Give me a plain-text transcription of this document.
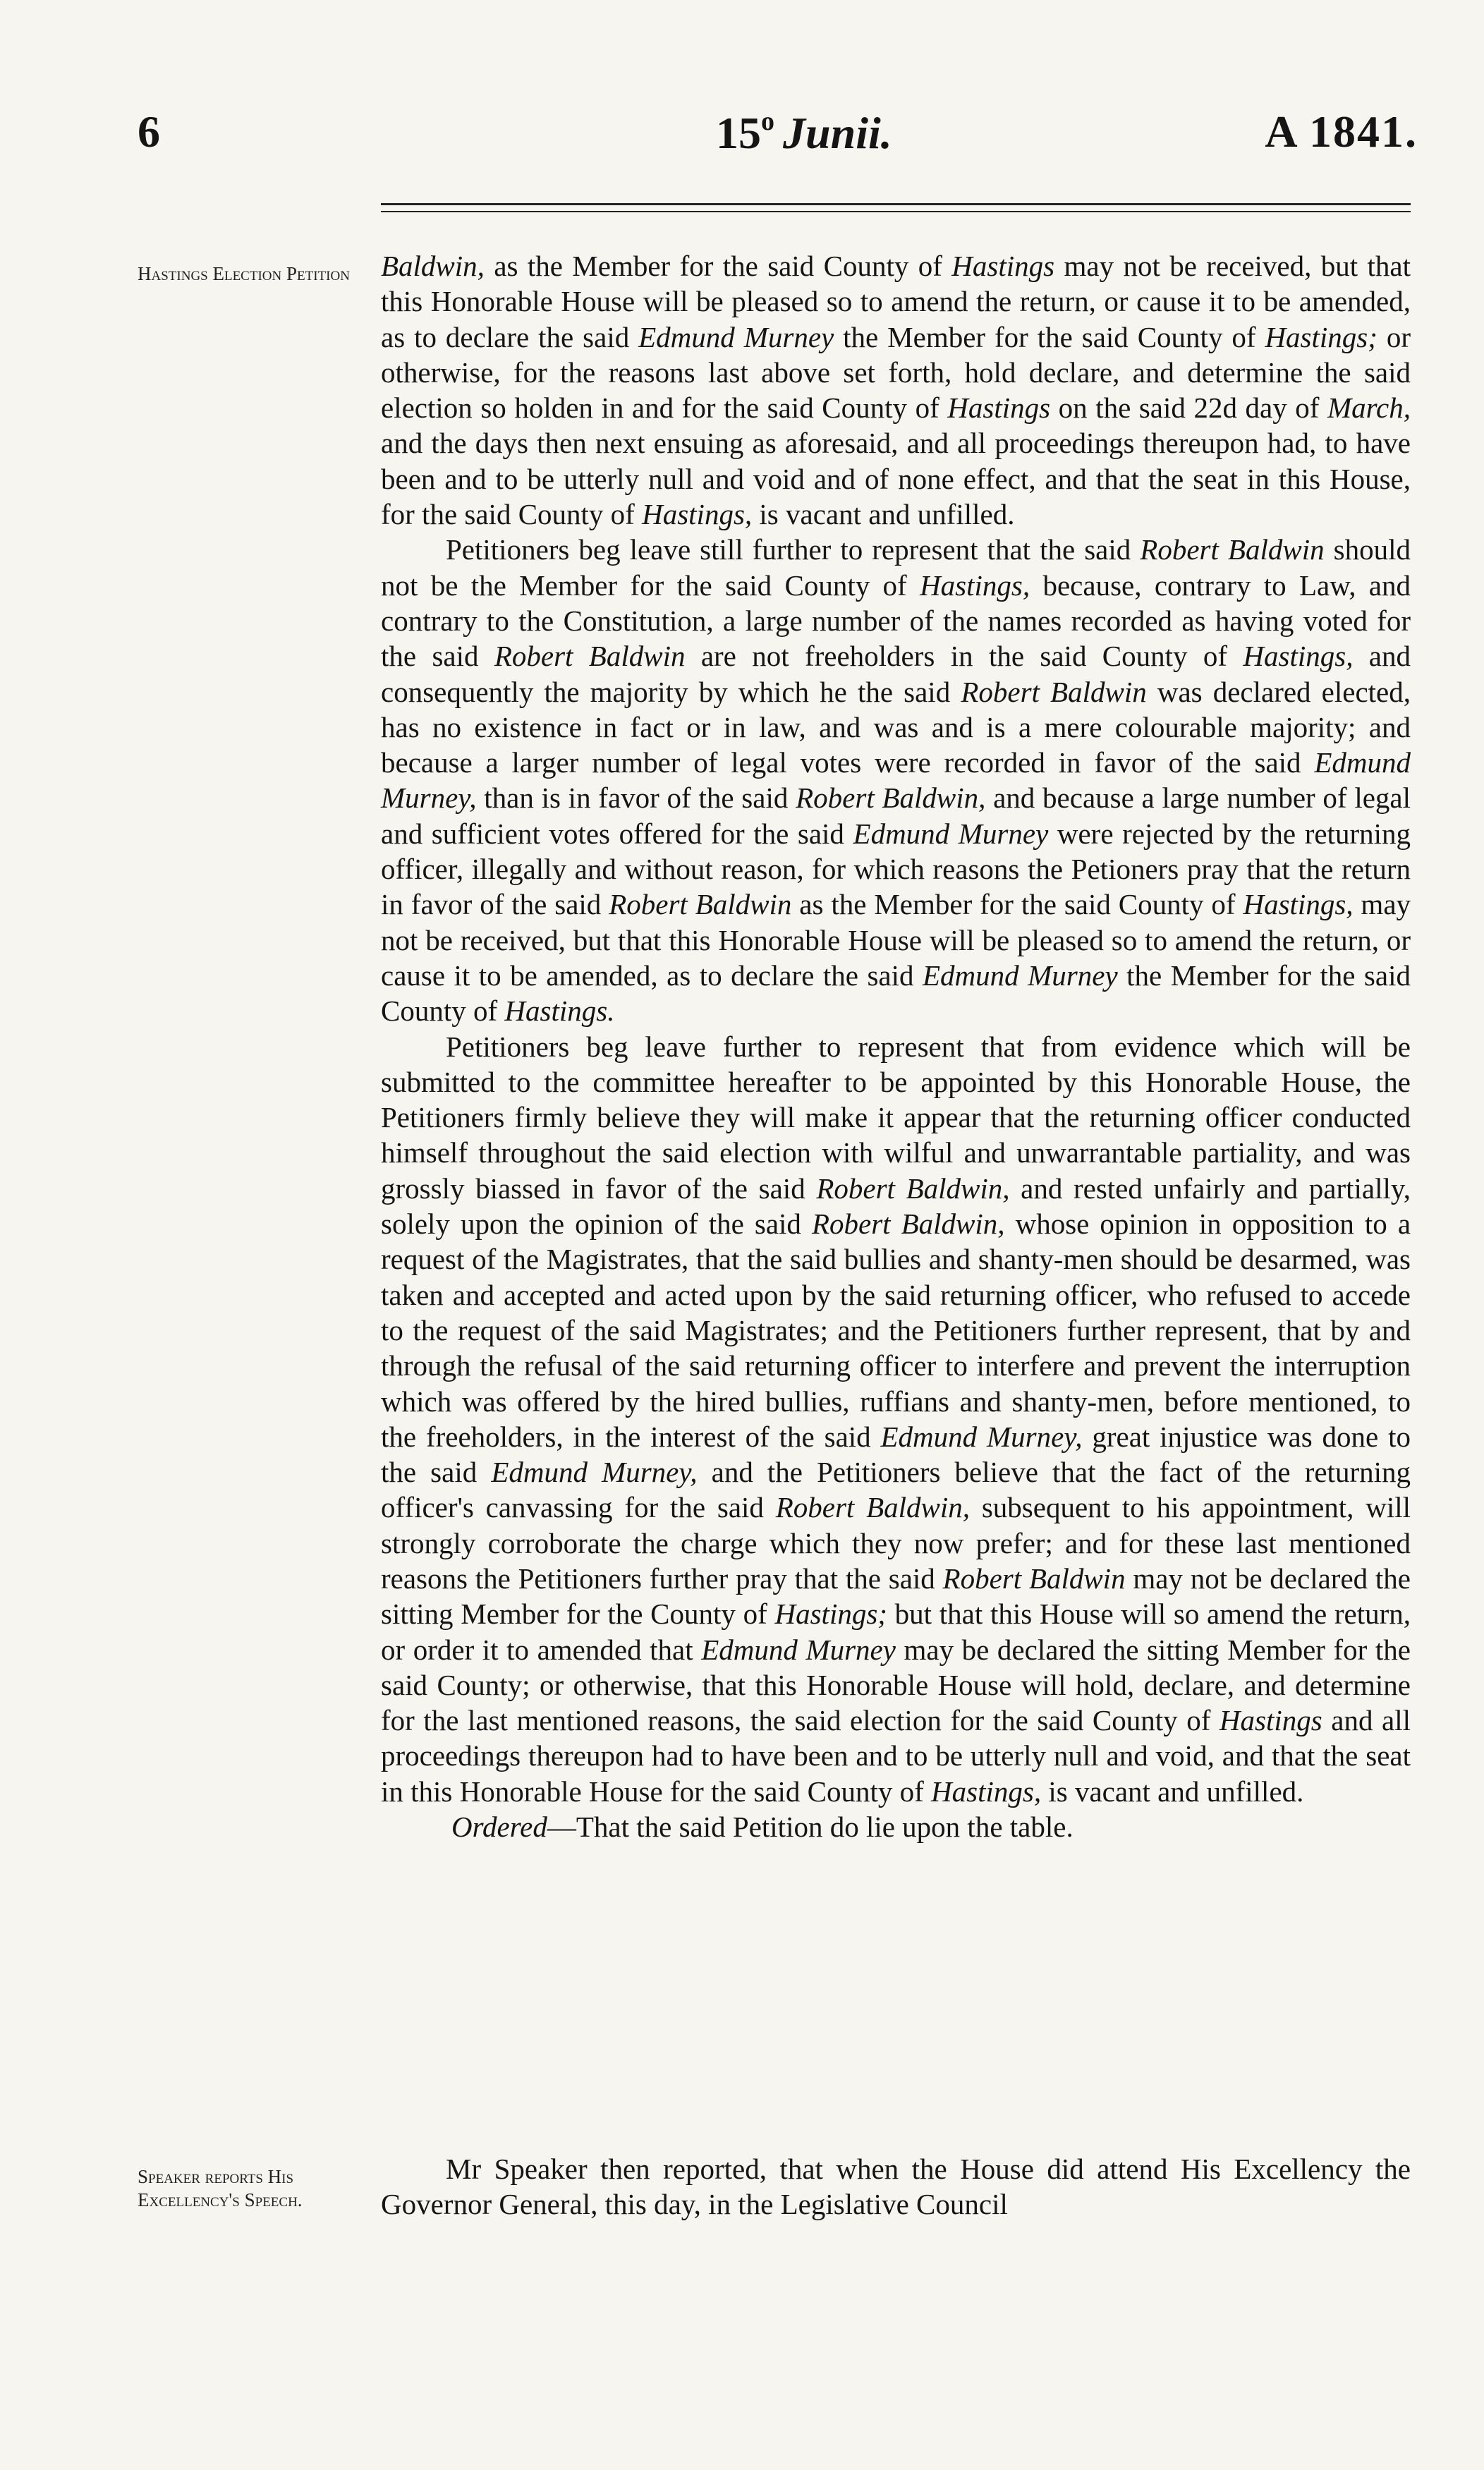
6	15$^o$ Junii.	A 1841.
Hastings Election Petition
Speaker reports His Excellency's Speech.

Baldwin, as the Member for the said County of Hastings may not be received, but that this Honorable House will be pleased so to amend the return, or cause it to be amended, as to declare the said Edmund Murney the Member for the said County of Hastings; or otherwise, for the reasons last above set forth, hold declare, and determine the said election so holden in and for the said County of Hastings on the said 22d day of March, and the days then next ensuing as aforesaid, and all proceedings thereupon had, to have been and to be utterly null and void and of none effect, and that the seat in this House, for the said County of Hastings, is vacant and unfilled.

Petitioners beg leave still further to represent that the said Robert Baldwin should not be the Member for the said County of Hastings, because, contrary to Law, and contrary to the Constitution, a large number of the names recorded as having voted for the said Robert Baldwin are not freeholders in the said County of Hastings, and consequently the majority by which he the said Robert Baldwin was declared elected, has no existence in fact or in law, and was and is a mere colourable majority; and because a larger number of legal votes were recorded in favor of the said Edmund Murney, than is in favor of the said Robert Baldwin, and because a large number of legal and sufficient votes offered for the said Edmund Murney were rejected by the returning officer, illegally and without reason, for which reasons the Petioners pray that the return in favor of the said Robert Baldwin as the Member for the said County of Hastings, may not be received, but that this Honorable House will be pleased so to amend the return, or cause it to be amended, as to declare the said Edmund Murney the Member for the said County of Hastings.

Petitioners beg leave further to represent that from evidence which will be submitted to the committee hereafter to be appointed by this Honorable House, the Petitioners firmly believe they will make it appear that the returning officer conducted himself throughout the said election with wilful and unwarrantable partiality, and was grossly biassed in favor of the said Robert Baldwin, and rested unfairly and partially, solely upon the opinion of the said Robert Baldwin, whose opinion in opposition to a request of the Magistrates, that the said bullies and shanty-men should be desarmed, was taken and accepted and acted upon by the said returning officer, who refused to accede to the request of the said Magistrates; and the Petitioners further represent, that by and through the refusal of the said returning officer to interfere and prevent the interruption which was offered by the hired bullies, ruffians and shanty-men, before mentioned, to the freeholders, in the interest of the said Edmund Murney, great injustice was done to the said Edmund Murney, and the Petitioners believe that the fact of the returning officer's canvassing for the said Robert Baldwin, subsequent to his appointment, will strongly corroborate the charge which they now prefer; and for these last mentioned reasons the Petitioners further pray that the said Robert Baldwin may not be declared the sitting Member for the County of Hastings; but that this House will so amend the return, or order it to amended that Edmund Murney may be declared the sitting Member for the said County; or otherwise, that this Honorable House will hold, declare, and determine for the last mentioned reasons, the said election for the said County of Hastings and all proceedings thereupon had to have been and to be utterly null and void, and that the seat in this Honorable House for the said County of Hastings, is vacant and unfilled.

Ordered—That the said Petition do lie upon the table.

Mr Speaker then reported, that when the House did attend His Excellency the Governor General, this day, in the Legislative Council
